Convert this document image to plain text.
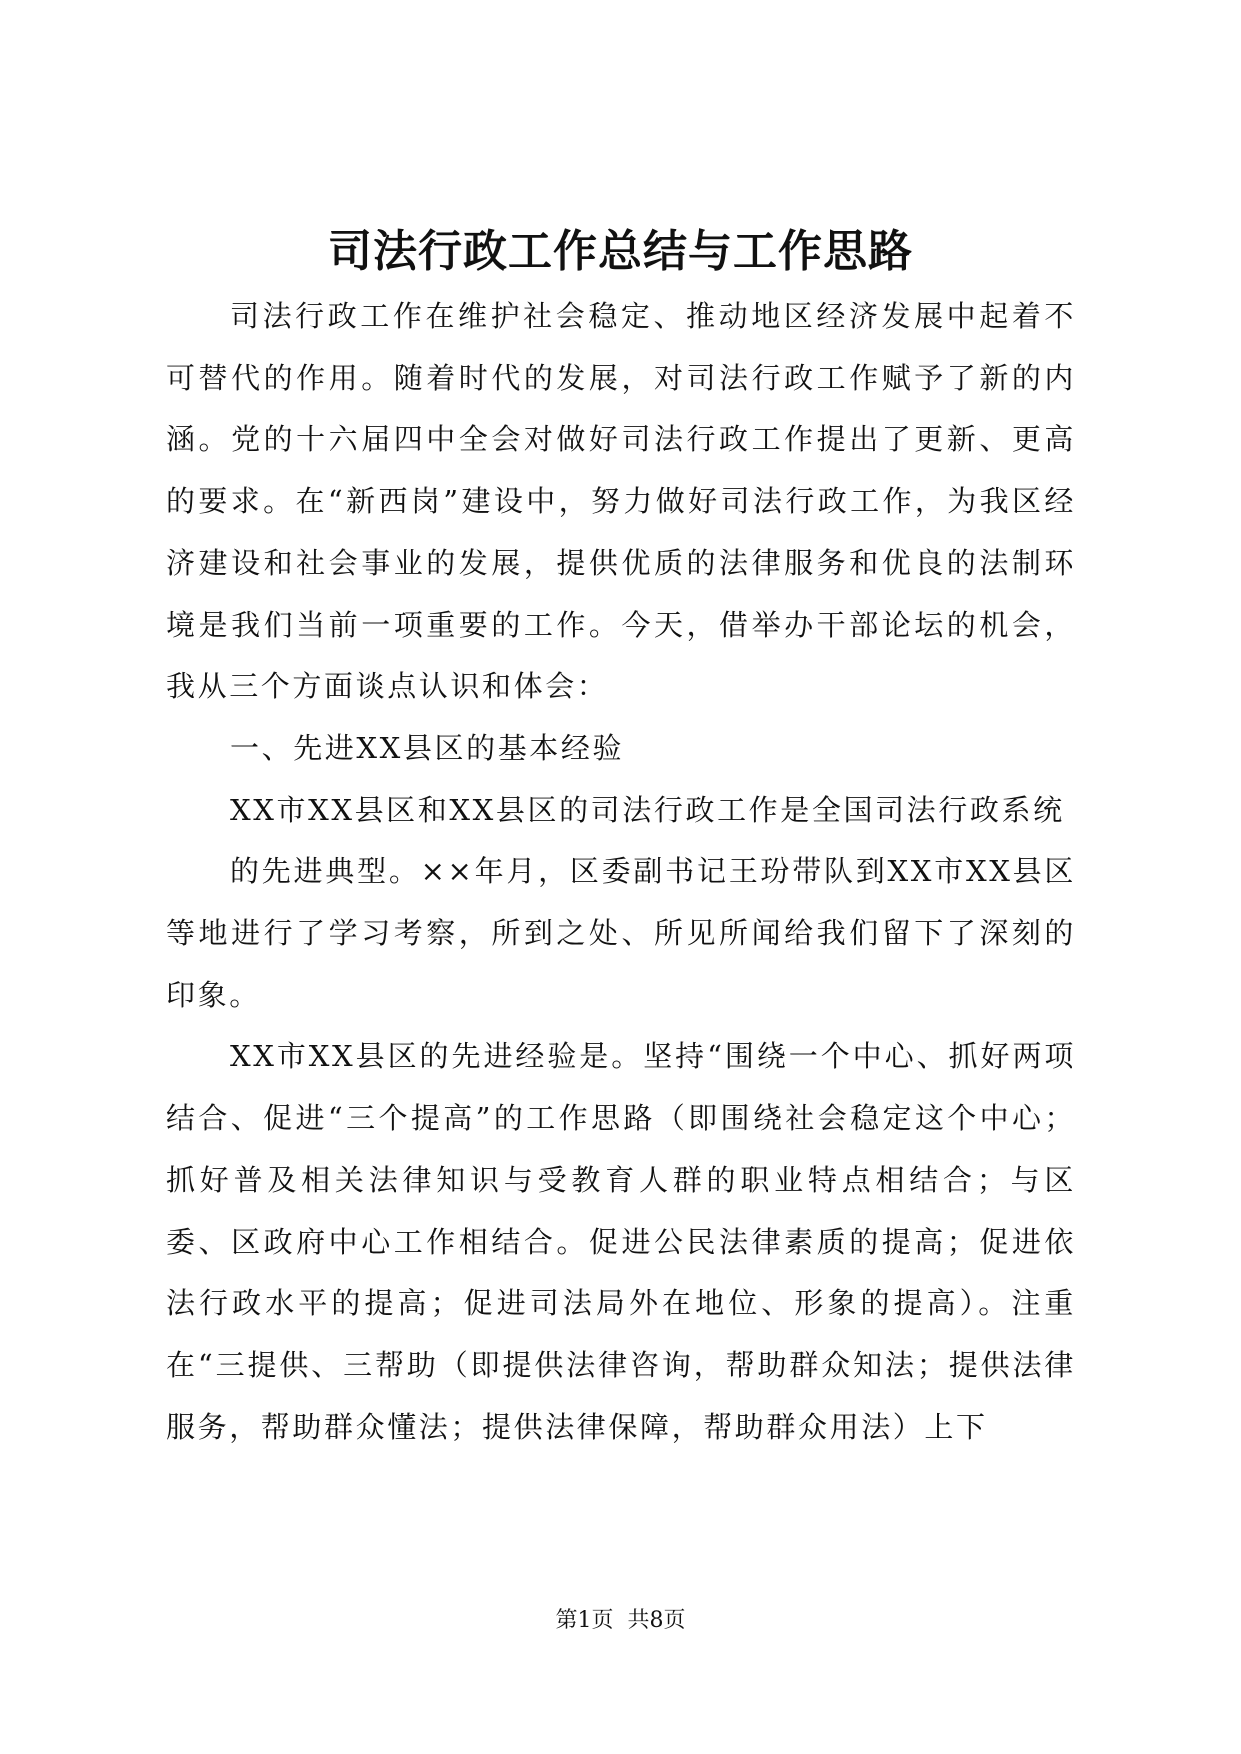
司法行政工作总结与工作思路

司法行政工作在维护社会稳定、推动地区经济发展中起着不可替代的作用。随着时代的发展，对司法行政工作赋予了新的内涵。党的十六届四中全会对做好司法行政工作提出了更新、更高的要求。在“新西岗”建设中，努力做好司法行政工作，为我区经济建设和社会事业的发展，提供优质的法律服务和优良的法制环境是我们当前一项重要的工作。今天，借举办干部论坛的机会，我从三个方面谈点认识和体会：

一、先进XX县区的基本经验

XX市XX县区和XX县区的司法行政工作是全国司法行政系统

的先进典型。××年月，区委副书记王玢带队到XX市XX县区等地进行了学习考察，所到之处、所见所闻给我们留下了深刻的印象。

XX市XX县区的先进经验是。坚持“围绕一个中心、抓好两项结合、促进“三个提高”的工作思路（即围绕社会稳定这个中心；抓好普及相关法律知识与受教育人群的职业特点相结合；与区委、区政府中心工作相结合。促进公民法律素质的提高；促进依法行政水平的提高；促进司法局外在地位、形象的提高）。注重在“三提供、三帮助（即提供法律咨询，帮助群众知法；提供法律服务，帮助群众懂法；提供法律保障，帮助群众用法）上下

第1页  共8页
